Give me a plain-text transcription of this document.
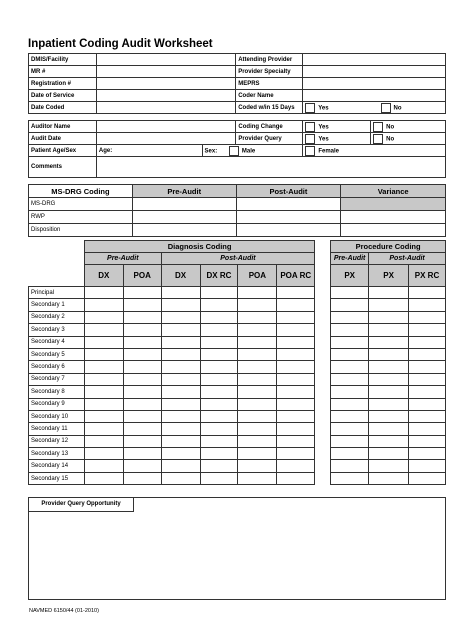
Inpatient Coding Audit Worksheet
DMIS/Facility		Attending Provider	
MR #		Provider Specialty	
Registration #		MEPRS	
Date of Service		Coder Name	
Date Coded		Coded w/in 15 Days	Yes No
Auditor Name			Coding Change	Yes	No
Audit Date			Provider Query	Yes	No
Patient Age/Sex	Age:	Sex: Male		Female	
Comments					
MS-DRG Coding	Pre-Audit	Post-Audit	Variance
MS-DRG			
RWP			
Disposition			
	Diagnosis Coding							Procedure Coding		
	Pre-Audit		Post-Audit					Pre-Audit	Post-Audit	
	DX	POA	DX	DX RC	POA	POA RC		PX	PX	PX RC
Principal										
Secondary 1										
Secondary 2										
Secondary 3										
Secondary 4										
Secondary 5										
Secondary 6										
Secondary 7										
Secondary 8										
Secondary 9										
Secondary 10										
Secondary 11										
Secondary 12										
Secondary 13										
Secondary 14										
Secondary 15										
Provider Query Opportunity
NAVMED 6150/44 (01-2010)
